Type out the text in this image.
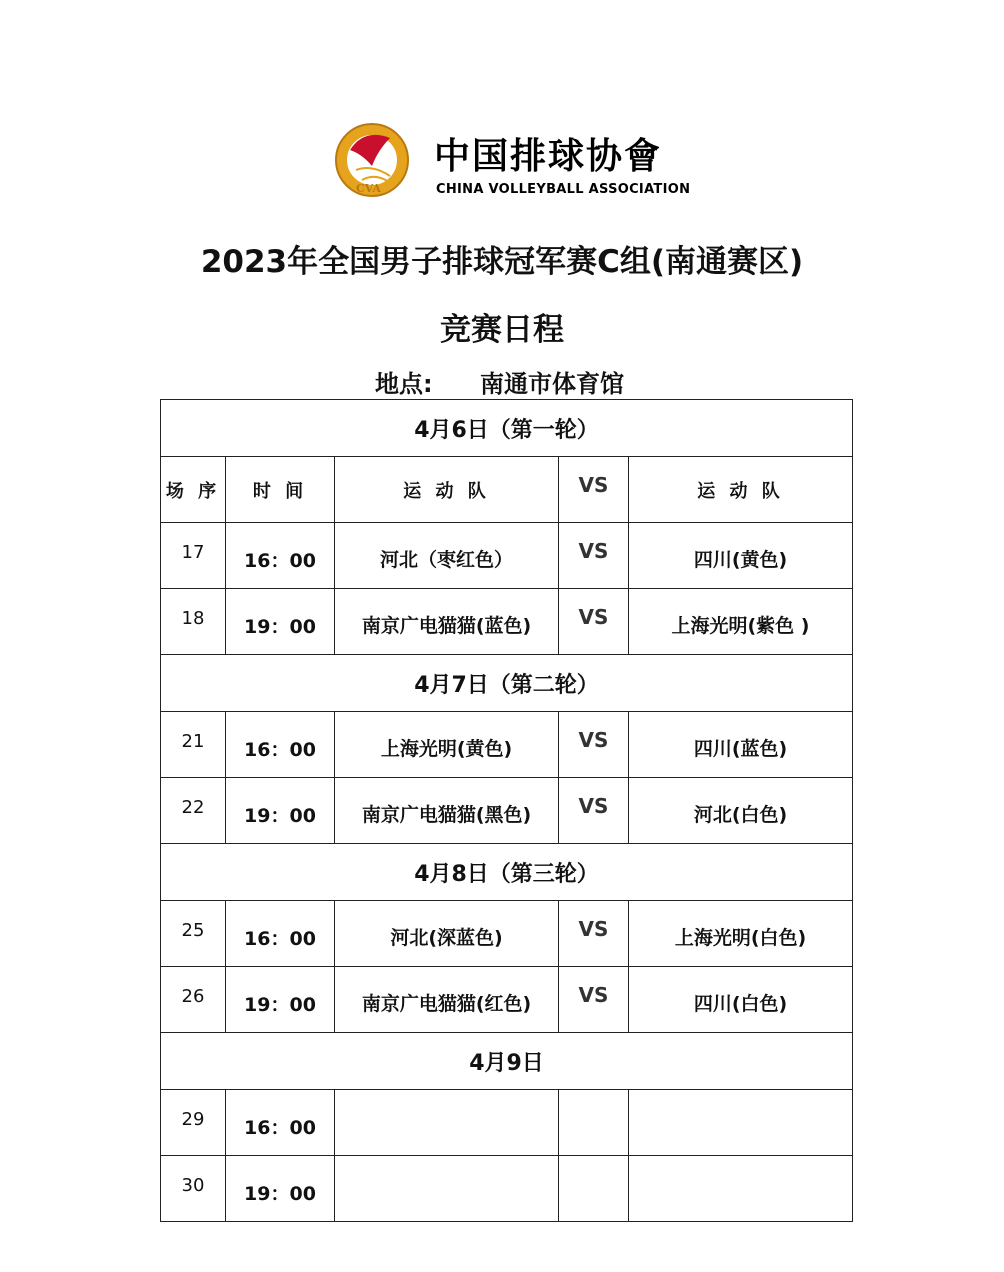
CVA
中国排球协會
CHINA VOLLEYBALL ASSOCIATION
2023年全国男子排球冠军赛C组(南通赛区)
竞赛日程
地点: 南通市体育馆
4月6日（第一轮）				
场 序	时 间	运 动 队	VS	运 动 队
17	16：00	河北（枣红色）	VS	四川(黄色)
18	19：00	南京广电猫猫(蓝色)	VS	上海光明(紫色 )
4月7日（第二轮）				
21	16：00	上海光明(黄色)	VS	四川(蓝色)
22	19：00	南京广电猫猫(黑色)	VS	河北(白色)
4月8日（第三轮）				
25	16：00	河北(深蓝色)	VS	上海光明(白色)
26	19：00	南京广电猫猫(红色)	VS	四川(白色)
4月9日				
29	16：00			
30	19：00			
